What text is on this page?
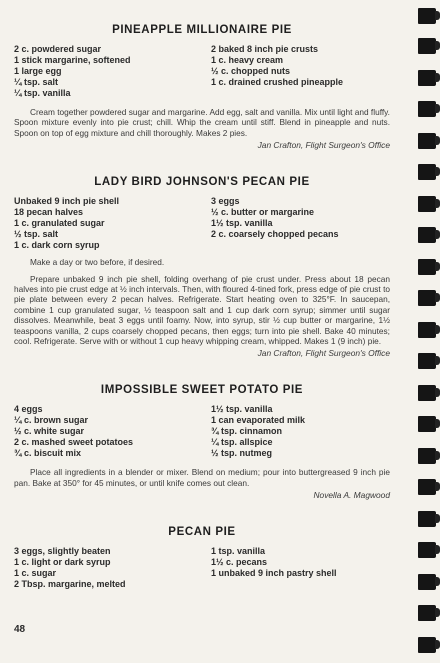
PINEAPPLE MILLIONAIRE PIE
2 c. powdered sugar
1 stick margarine, softened
1 large egg
¼ tsp. salt
¼ tsp. vanilla
2 baked 8 inch pie crusts
1 c. heavy cream
½ c. chopped nuts
1 c. drained crushed pineapple

Cream together powdered sugar and margarine. Add egg, salt and vanilla. Mix until light and fluffy. Spoon mixture evenly into pie crust; chill. Whip the cream until stiff. Blend in pineapple and nuts. Spoon on top of egg mixture and chill thoroughly. Makes 2 pies.

Jan Crafton, Flight Surgeon's Office
LADY BIRD JOHNSON'S PECAN PIE
Unbaked 9 inch pie shell
18 pecan halves
1 c. granulated sugar
½ tsp. salt
1 c. dark corn syrup
3 eggs
½ c. butter or margarine
1½ tsp. vanilla
2 c. coarsely chopped pecans

Make a day or two before, if desired.

Prepare unbaked 9 inch pie shell, folding overhang of pie crust under. Press about 18 pecan halves into pie crust edge at ½ inch intervals. Then, with floured 4-tined fork, press edge of pie crust to pie plate between every 2 pecan halves. Refrigerate. Start heating oven to 325°F. In saucepan, combine 1 cup granulated sugar, ½ teaspoon salt and 1 cup dark corn syrup; simmer until sugar dissolves. Meanwhile, beat 3 eggs until foamy. Now, into syrup, stir ½ cup butter or margarine, 1½ teaspoons vanilla, 2 cups coarsely chopped pecans, then eggs; turn into pie shell. Bake 40 minutes; cool. Refrigerate. Serve with or without 1 cup heavy whipping cream, whipped. Makes 1 (9 inch) pie.

Jan Crafton, Flight Surgeon's Office
IMPOSSIBLE SWEET POTATO PIE
4 eggs
¼ c. brown sugar
½ c. white sugar
2 c. mashed sweet potatoes
¾ c. biscuit mix
1½ tsp. vanilla
1 can evaporated milk
¾ tsp. cinnamon
¼ tsp. allspice
½ tsp. nutmeg

Place all ingredients in a blender or mixer. Blend on medium; pour into buttergreased 9 inch pie pan. Bake at 350° for 45 minutes, or until knife comes out clean.

Novella A. Magwood
PECAN PIE
3 eggs, slightly beaten
1 c. light or dark syrup
1 c. sugar
2 Tbsp. margarine, melted
1 tsp. vanilla
1½ c. pecans
1 unbaked 9 inch pastry shell
48
